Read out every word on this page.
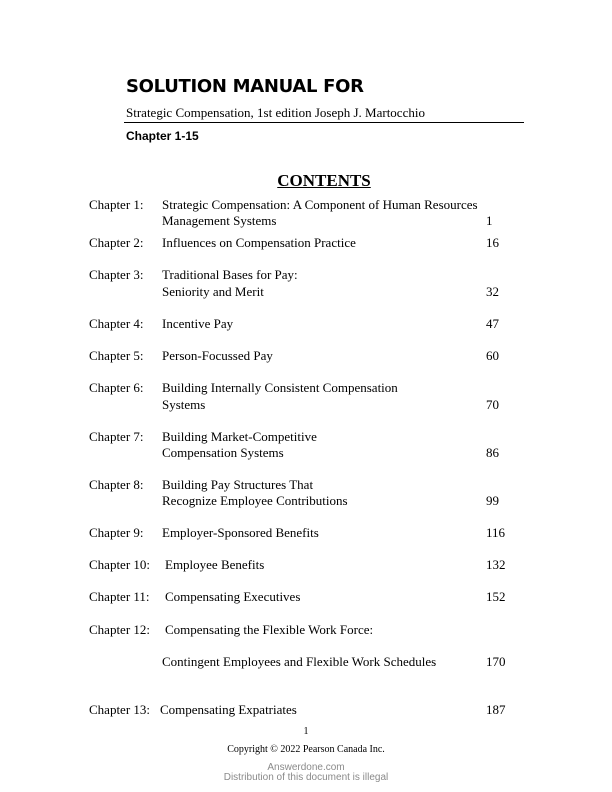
SOLUTION MANUAL FOR
Strategic Compensation, 1st edition Joseph J. Martocchio
Chapter 1-15
CONTENTS
Chapter 1: Strategic Compensation: A Component of Human Resources
Management Systems	1
Chapter 2: Influences on Compensation Practice	16
Chapter 3: Traditional Bases for Pay:
Seniority and Merit	32
Chapter 4: Incentive Pay	47
Chapter 5: Person-Focussed Pay	60
Chapter 6: Building Internally Consistent Compensation
Systems	70
Chapter 7: Building Market-Competitive
Compensation Systems	86
Chapter 8: Building Pay Structures That
Recognize Employee Contributions	99
Chapter 9: Employer-Sponsored Benefits	116
Chapter 10: Employee Benefits	132
Chapter 11: Compensating Executives	152
Chapter 12: Compensating the Flexible Work Force:
Contingent Employees and Flexible Work Schedules	170
Chapter 13: Compensating Expatriates	187
1
Copyright © 2022 Pearson Canada Inc.
Answerdone.com
Distribution of this document is illegal
